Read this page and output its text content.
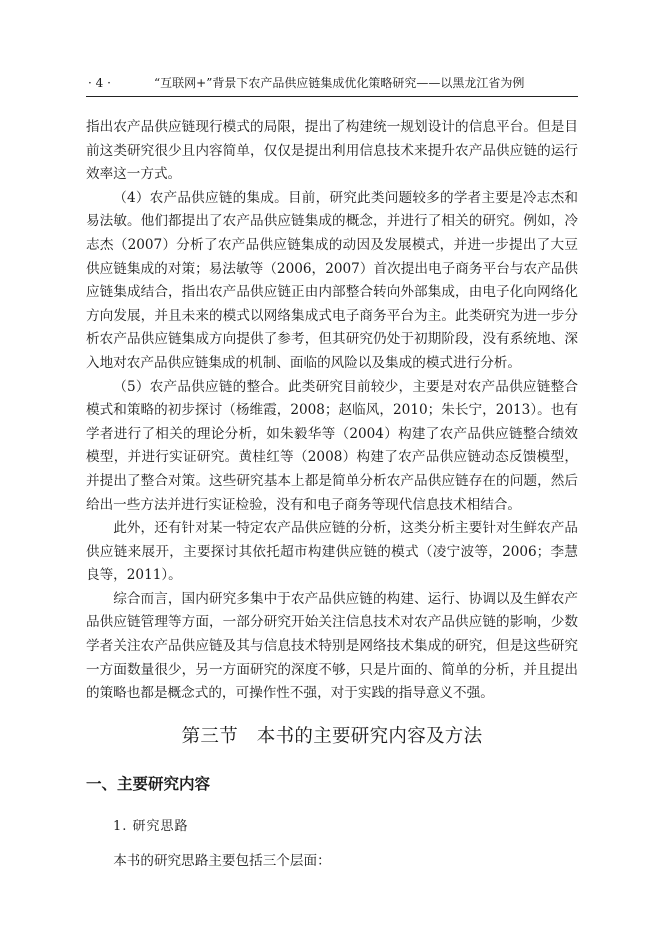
· 4 ·	“互联网+”背景下农产品供应链集成优化策略研究——以黑龙江省为例

指出农产品供应链现行模式的局限，提出了构建统一规划设计的信息平台。但是目前这类研究很少且内容简单，仅仅是提出利用信息技术来提升农产品供应链的运行效率这一方式。

（4）农产品供应链的集成。目前，研究此类问题较多的学者主要是冷志杰和易法敏。他们都提出了农产品供应链集成的概念，并进行了相关的研究。例如，冷志杰（2007）分析了农产品供应链集成的动因及发展模式，并进一步提出了大豆供应链集成的对策；易法敏等（2006，2007）首次提出电子商务平台与农产品供应链集成结合，指出农产品供应链正由内部整合转向外部集成，由电子化向网络化方向发展，并且未来的模式以网络集成式电子商务平台为主。此类研究为进一步分析农产品供应链集成方向提供了参考，但其研究仍处于初期阶段，没有系统地、深入地对农产品供应链集成的机制、面临的风险以及集成的模式进行分析。

（5）农产品供应链的整合。此类研究目前较少，主要是对农产品供应链整合模式和策略的初步探讨（杨维霞，2008；赵临风，2010；朱长宁，2013）。也有学者进行了相关的理论分析，如朱毅华等（2004）构建了农产品供应链整合绩效模型，并进行实证研究。黄桂红等（2008）构建了农产品供应链动态反馈模型，并提出了整合对策。这些研究基本上都是简单分析农产品供应链存在的问题，然后给出一些方法并进行实证检验，没有和电子商务等现代信息技术相结合。

此外，还有针对某一特定农产品供应链的分析，这类分析主要针对生鲜农产品供应链来展开，主要探讨其依托超市构建供应链的模式（凌宁波等，2006；李慧良等，2011）。

综合而言，国内研究多集中于农产品供应链的构建、运行、协调以及生鲜农产品供应链管理等方面，一部分研究开始关注信息技术对农产品供应链的影响，少数学者关注农产品供应链及其与信息技术特别是网络技术集成的研究，但是这些研究一方面数量很少，另一方面研究的深度不够，只是片面的、简单的分析，并且提出的策略也都是概念式的，可操作性不强，对于实践的指导意义不强。

第三节　本书的主要研究内容及方法
一、主要研究内容
1. 研究思路

本书的研究思路主要包括三个层面：
